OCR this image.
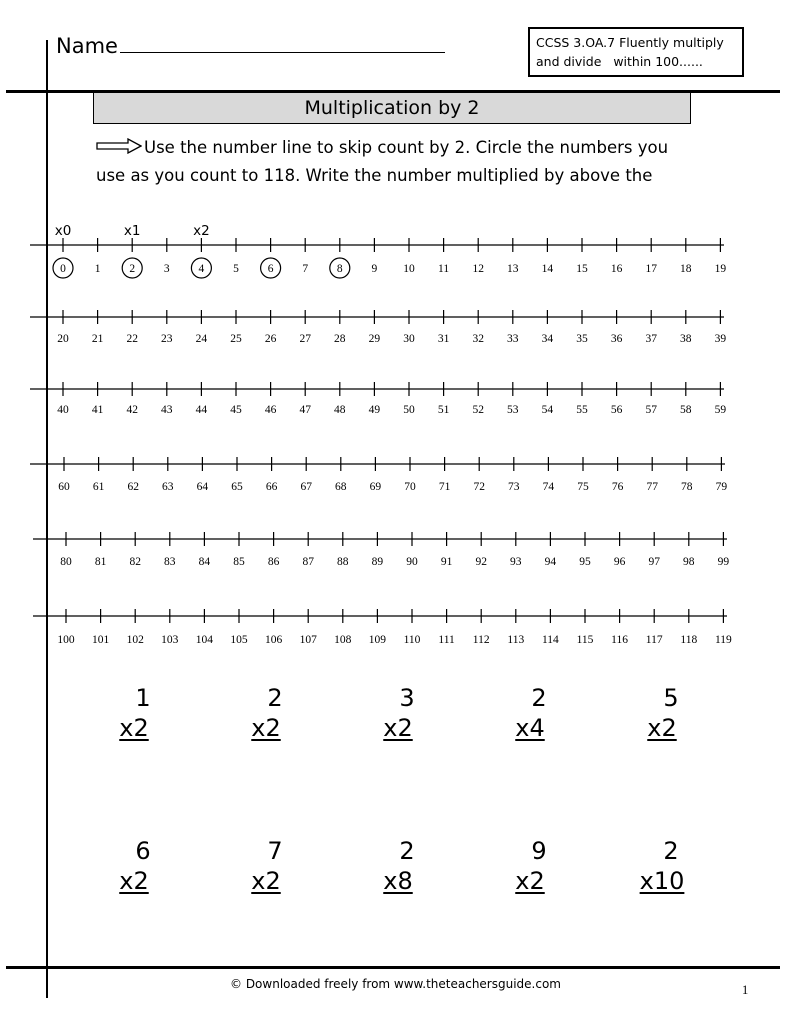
Name	CCSS 3.OA.7 Fluently multiply
and divide   within 100......
Multiplication by 2
Use the number line to skip count by 2. Circle the numbers you
use as you count to 118. Write the number multiplied by above the
0	1	2	3	4	5	6	7	8	9 10 11 12 13 14 15 16 17 18 19
x0	x1	x2
20 21 22 23 24 25 26 27 28 29 30 31 32 33 34 35 36 37 38 39
40 41 42 43 44 45 46 47 48 49 50 51 52 53 54 55 56 57 58 59
60 61 62 63 64 65 66 67 68 69 70 71 72 73 74 75 76 77 78 79
80 81 82 83 84 85 86 87 88 89 90 91 92 93 94 95 96 97 98 99
100 101 102 103 104 105 106 107 108 109 110 111 112 113 114 115 116 117 118 119
1
x2
2
x2
3
x2
2
x4
5
x2
6
x2
7
x2
2
x8
9
x2
2
x10
© Downloaded freely from www.theteachersguide.com	1
